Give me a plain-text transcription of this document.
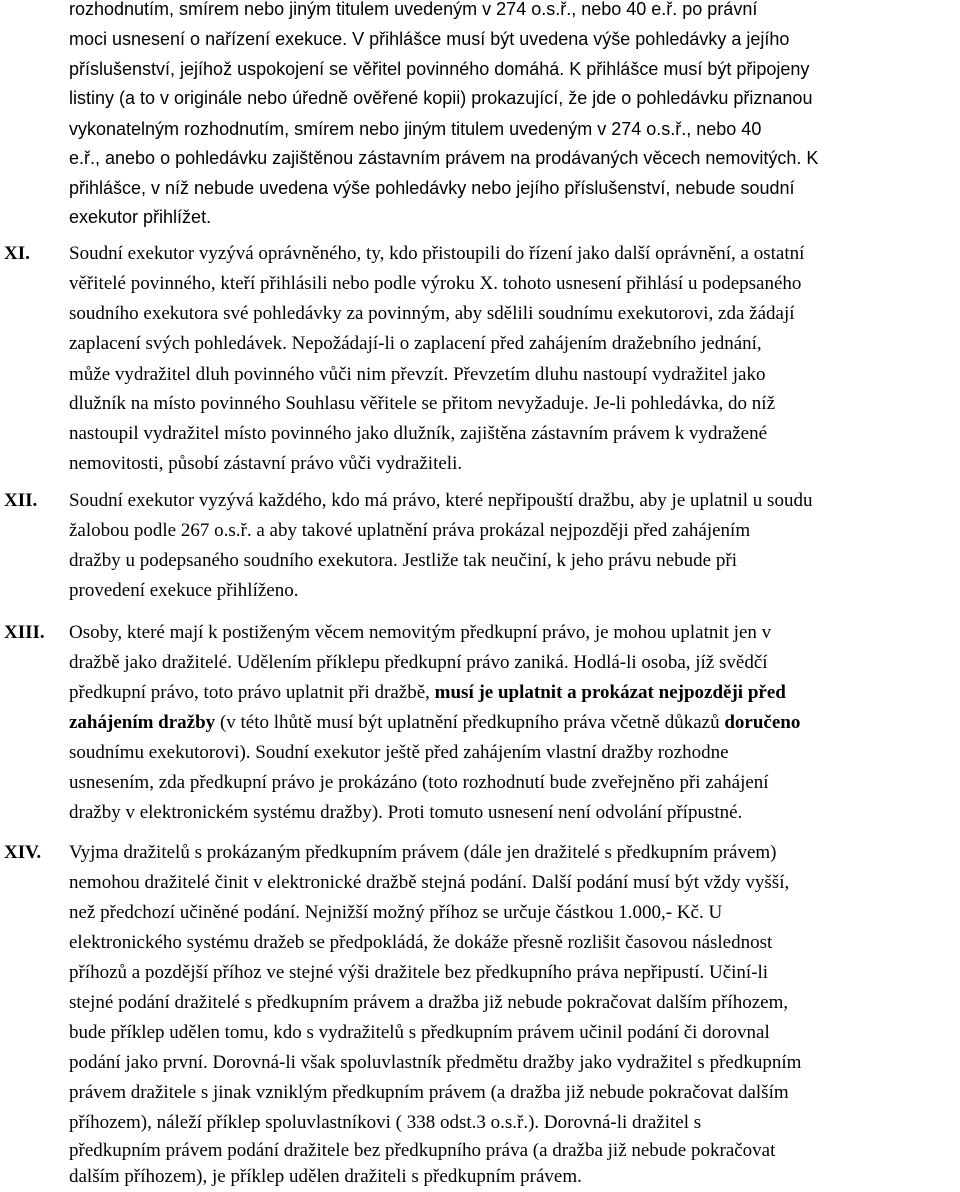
rozhodnutím, smírem nebo jiným titulem uvedeným v 274 o.s.ř., nebo 40 e.ř. po právní
moci usnesení o nařízení exekuce. V přihlášce musí být uvedena výše pohledávky a jejího
příslušenství, jejíhož uspokojení se věřitel povinného domáhá. K přihlášce musí být připojeny
listiny (a to v originále nebo úředně ověřené kopii) prokazující, že jde o pohledávku přiznanou
vykonatelným rozhodnutím, smírem nebo jiným titulem uvedeným v 274 o.s.ř., nebo 40
e.ř., anebo o pohledávku zajištěnou zástavním právem na prodávaných věcech nemovitých. K
přihlášce, v níž nebude uvedena výše pohledávky nebo jejího příslušenství, nebude soudní
exekutor přihlížet.
XI. Soudní exekutor vyzývá oprávněného, ty, kdo přistoupili do řízení jako další oprávnění, a ostatní
věřitelé povinného, kteří přihlásili nebo podle výroku X. tohoto usnesení přihlásí u podepsaného
soudního exekutora své pohledávky za povinným, aby sdělili soudnímu exekutorovi, zda žádají
zaplacení svých pohledávek. Nepožádají-li o zaplacení před zahájením dražebního jednání,
může vydražitel dluh povinného vůči nim převzít. Převzetím dluhu nastoupí vydražitel jako
dlužník na místo povinného Souhlasu věřitele se přitom nevyžaduje. Je-li pohledávka, do níž
nastoupil vydražitel místo povinného jako dlužník, zajištěna zástavním právem k vydražené
nemovitosti, působí zástavní právo vůči vydražiteli.
XII. Soudní exekutor vyzývá každého, kdo má právo, které nepřipouští dražbu, aby je uplatnil u soudu
žalobou podle 267 o.s.ř. a aby takové uplatnění práva prokázal nejpozději před zahájením
dražby u podepsaného soudního exekutora. Jestliže tak neučiní, k jeho právu nebude při
provedení exekuce přihlíženo.
XIII. Osoby, které mají k postiženým věcem nemovitým předkupní právo, je mohou uplatnit jen v
dražbě jako dražitelé. Udělením příklepu předkupní právo zaniká. Hodlá-li osoba, jíž svědčí
předkupní právo, toto právo uplatnit při dražbě, musí je uplatnit a prokázat nejpozději před
zahájením dražby (v této lhůtě musí být uplatnění předkupního práva včetně důkazů doručeno
soudnímu exekutorovi). Soudní exekutor ještě před zahájením vlastní dražby rozhodne
usnesením, zda předkupní právo je prokázáno (toto rozhodnutí bude zveřejněno při zahájení
dražby v elektronickém systému dražby). Proti tomuto usnesení není odvolání přípustné.
XIV. Vyjma dražitelů s prokázaným předkupním právem (dále jen dražitelé s předkupním právem)
nemohou dražitelé činit v elektronické dražbě stejná podání. Další podání musí být vždy vyšší,
než předchozí učiněné podání. Nejnižší možný příhoz se určuje částkou 1.000,- Kč. U
elektronického systému dražeb se předpokládá, že dokáže přesně rozlišit časovou následnost
příhozů a pozdější příhoz ve stejné výši dražitele bez předkupního práva nepřipustí. Učiní-li
stejné podání dražitelé s předkupním právem a dražba již nebude pokračovat dalším příhozem,
bude příklep udělen tomu, kdo s vydražitelů s předkupním právem učinil podání či dorovnal
podání jako první. Dorovná-li však spoluvlastník předmětu dražby jako vydražitel s předkupním
právem dražitele s jinak vzniklým předkupním právem (a dražba již nebude pokračovat dalším
příhozem), náleží příklep spoluvlastníkovi ( 338 odst.3 o.s.ř.). Dorovná-li dražitel s
předkupním právem podání dražitele bez předkupního práva (a dražba již nebude pokračovat
dalším příhozem), je příklep udělen dražiteli s předkupním právem.
